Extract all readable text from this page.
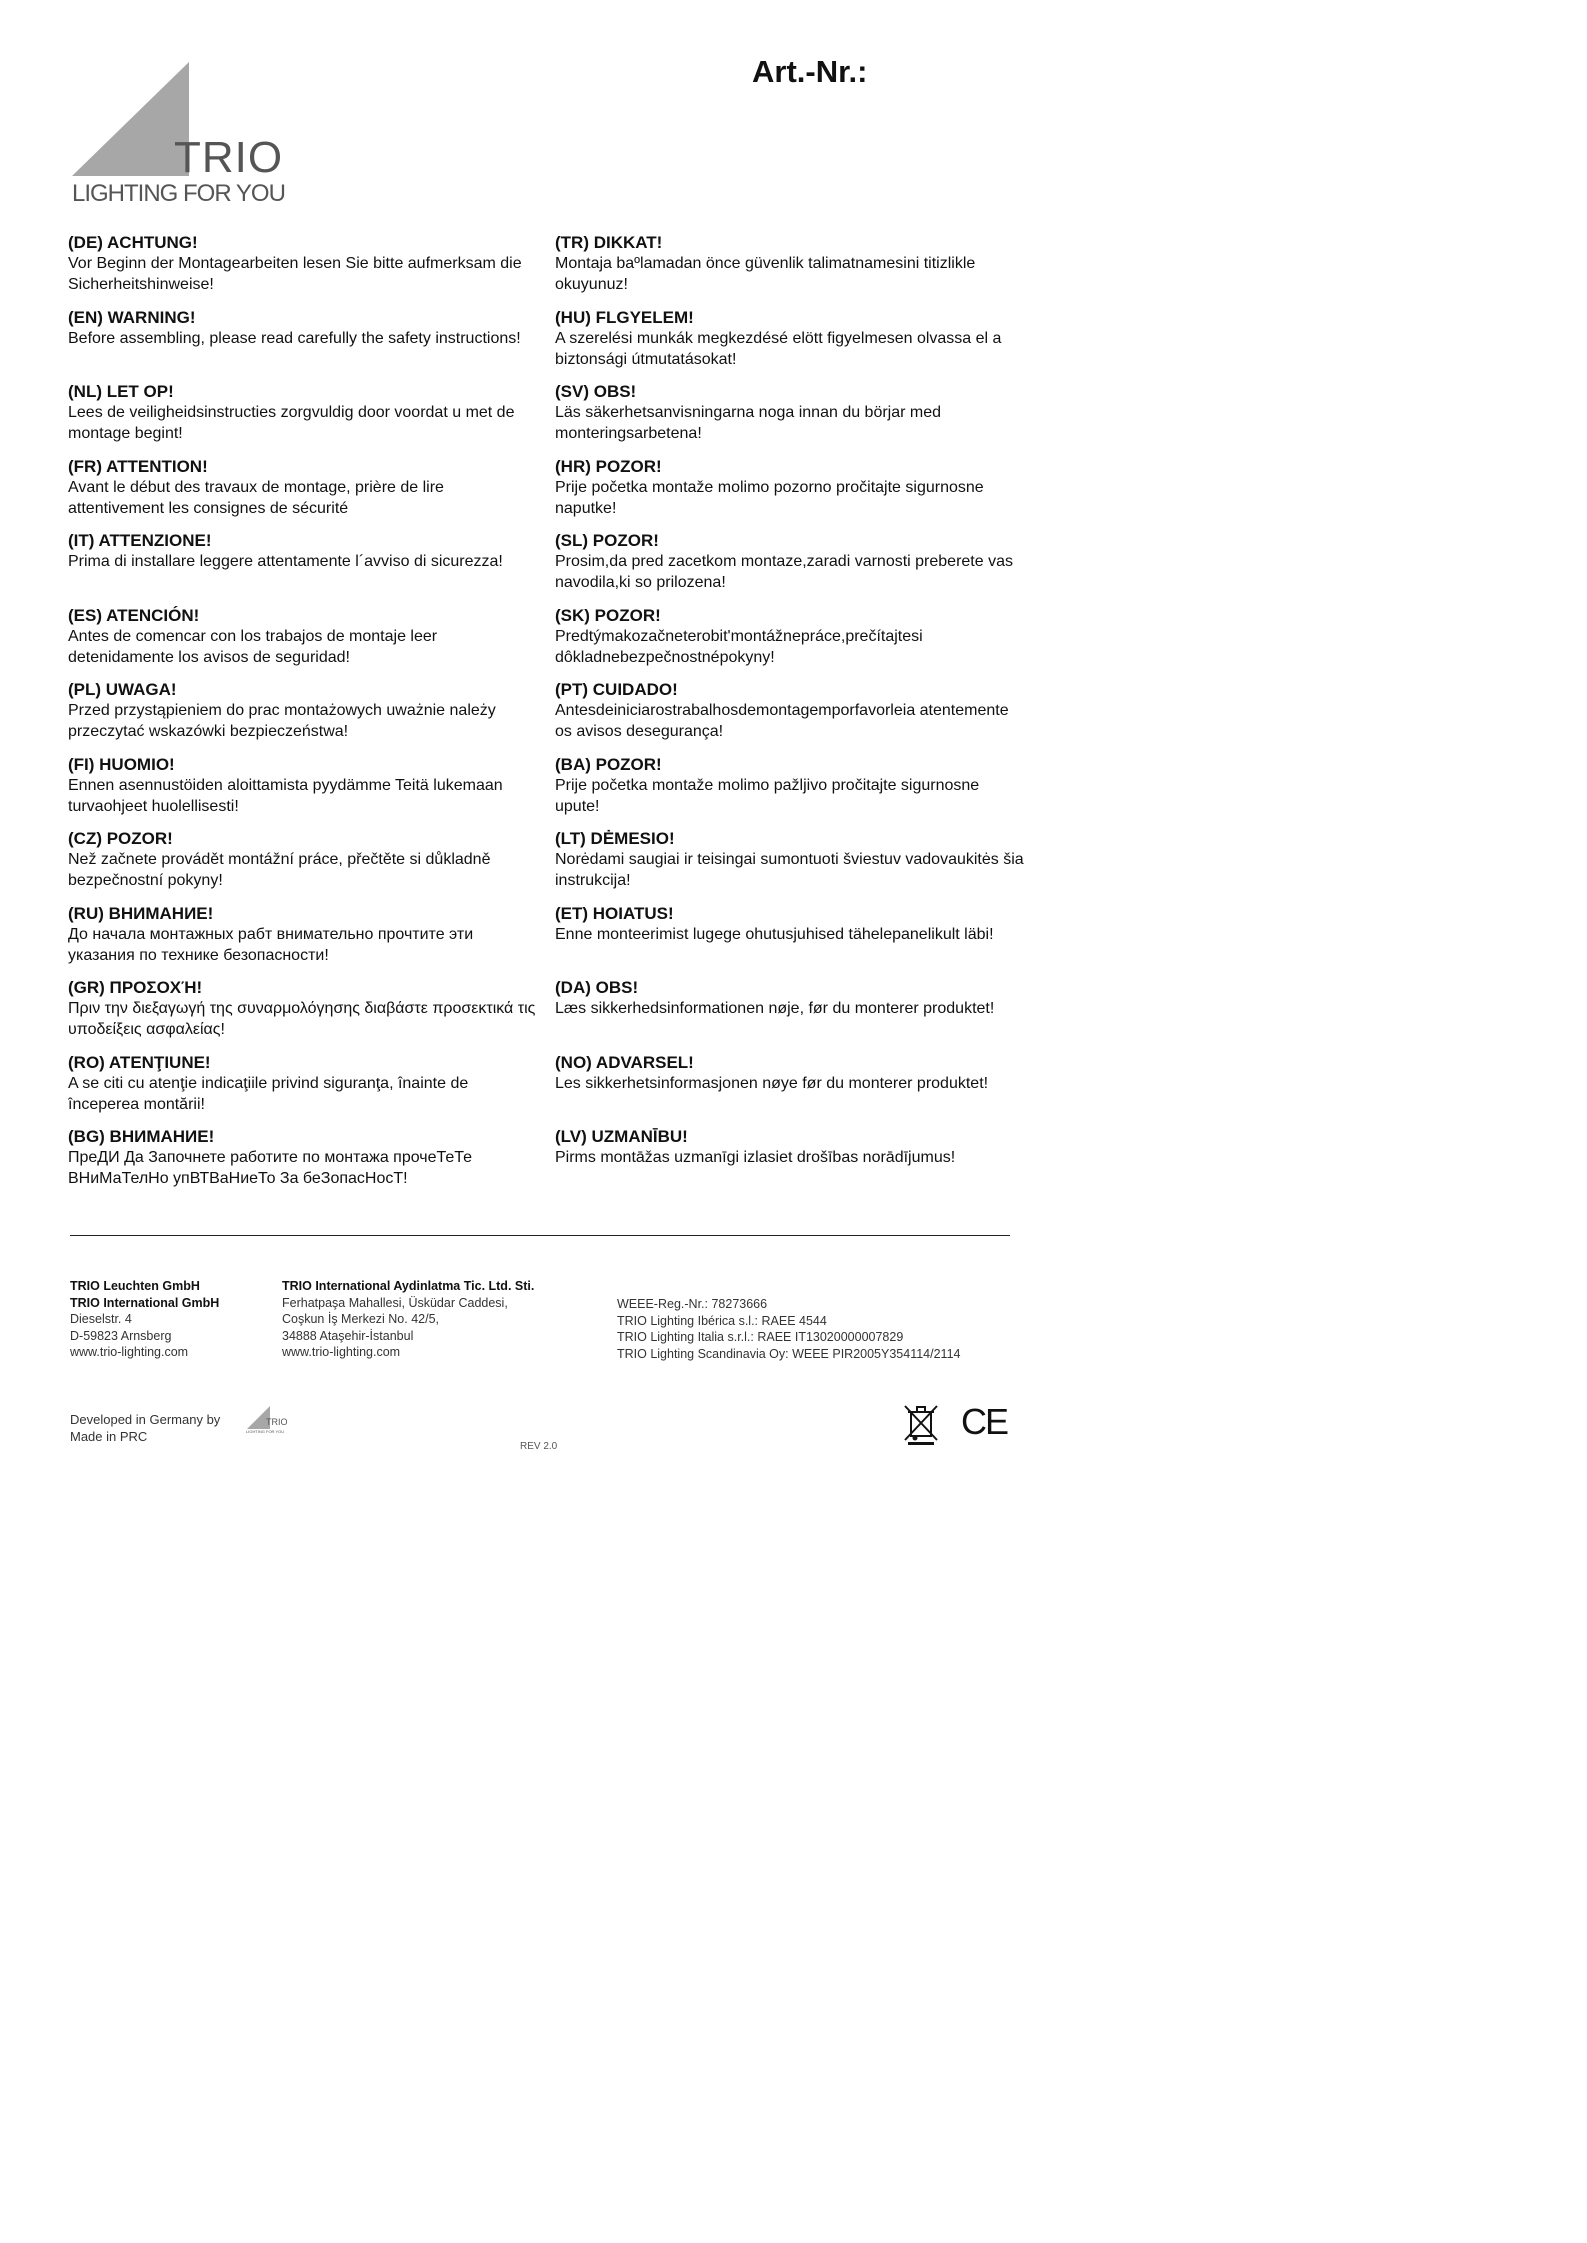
TRIO
LIGHTING FOR YOU
Art.-Nr.:
(DE) ACHTUNG!
Vor Beginn der Montagearbeiten lesen Sie bitte aufmerksam die Sicherheitshinweise!
(EN) WARNING!
Before assembling, please read carefully the safety instructions!
(NL) LET OP!
Lees de veiligheidsinstructies zorgvuldig door voordat u met de montage begint!
(FR) ATTENTION!
Avant le début des travaux de montage, prière de lire attentivement les consignes de sécurité
(IT) ATTENZIONE!
Prima di installare leggere attentamente l´avviso di sicurezza!
(ES) ATENCIÓN!
Antes de comencar con los trabajos de montaje leer detenidamente los avisos de seguridad!
(PL) UWAGA!
Przed przystąpieniem do prac montażowych uważnie należy przeczytać wskazówki bezpieczeństwa!
(FI) HUOMIO!
Ennen asennustöiden aloittamista pyydämme Teitä lukemaan turvaohjeet huolellisesti!
(CZ) POZOR!
Než začnete provádět montážní práce, přečtěte si důkladně bezpečnostní pokyny!
(RU) ВНИМАНИЕ!
До начала монтажных рабт внимательно прочтите эти указания по технике безопасности!
(GR) ΠΡΟΣΟΧΉ!
Πριν την διεξαγωγή της συναρμολόγησης διαβάστε προσεκτικά τις υποδείξεις ασφαλείας!
(RO) ATENŢIUNE!
A se citi cu atenţie indicaţiile privind siguranţa, înainte de începerea montării!
(BG) ВНИМАНИЕ!
ПреДИ Да Започнете работите по монтажа прочеТеТе ВНиМаТелНо упВТВаНиеТо За беЗопасНосТ!
(TR) DIKKAT!
Montaja baºlamadan önce güvenlik talimatnamesini titizlikle okuyunuz!
(HU) FLGYELEM!
A szerelési munkák megkezdésé elött figyelmesen olvassa el a biztonsági útmutatásokat!
(SV) OBS!
Läs säkerhetsanvisningarna noga innan du börjar med monteringsarbetena!
(HR) POZOR!
Prije početka montaže molimo pozorno pročitajte sigurnosne naputke!
(SL) POZOR!
Prosim,da pred zacetkom montaze,zaradi varnosti preberete vas navodila,ki so prilozena!
(SK) POZOR!
Predtýmakozačneterobit'montážnepráce,prečítajtesi dôkladnebezpečnostnépokyny!
(PT) CUIDADO!
Antesdeiniciarostrabalhosdemontagemporfavorleia atentemente os avisos desegurança!
(BA) POZOR!
Prije početka montaže molimo pažljivo pročitajte sigurnosne upute!
(LT) DĖMESIO!
Norėdami saugiai ir teisingai sumontuoti šviestuv vadovaukitės šia instrukcija!
(ET) HOIATUS!
Enne monteerimist lugege ohutusjuhised tähelepanelikult läbi!
(DA) OBS!
Læs sikkerhedsinformationen nøje, før du monterer produktet!
(NO) ADVARSEL!
Les sikkerhetsinformasjonen nøye før du monterer produktet!
(LV) UZMANĪBU!
Pirms montāžas uzmanīgi izlasiet drošības norādījumus!
TRIO Leuchten GmbH
TRIO International GmbH
Dieselstr. 4
D-59823 Arnsberg
www.trio-lighting.com
TRIO International Aydinlatma Tic. Ltd. Sti.
Ferhatpaşa Mahallesi, Üsküdar Caddesi,
Coşkun İş Merkezi No. 42/5,
34888 Ataşehir-İstanbul
www.trio-lighting.com
WEEE-Reg.-Nr.: 78273666
TRIO Lighting Ibérica s.l.: RAEE 4544
TRIO Lighting Italia s.r.l.: RAEE IT13020000007829
TRIO Lighting Scandinavia Oy: WEEE PIR2005Y354114/2114
Developed in Germany by
Made in PRC
TRIO
LIGHTING FOR YOU
REV 2.0
CE
